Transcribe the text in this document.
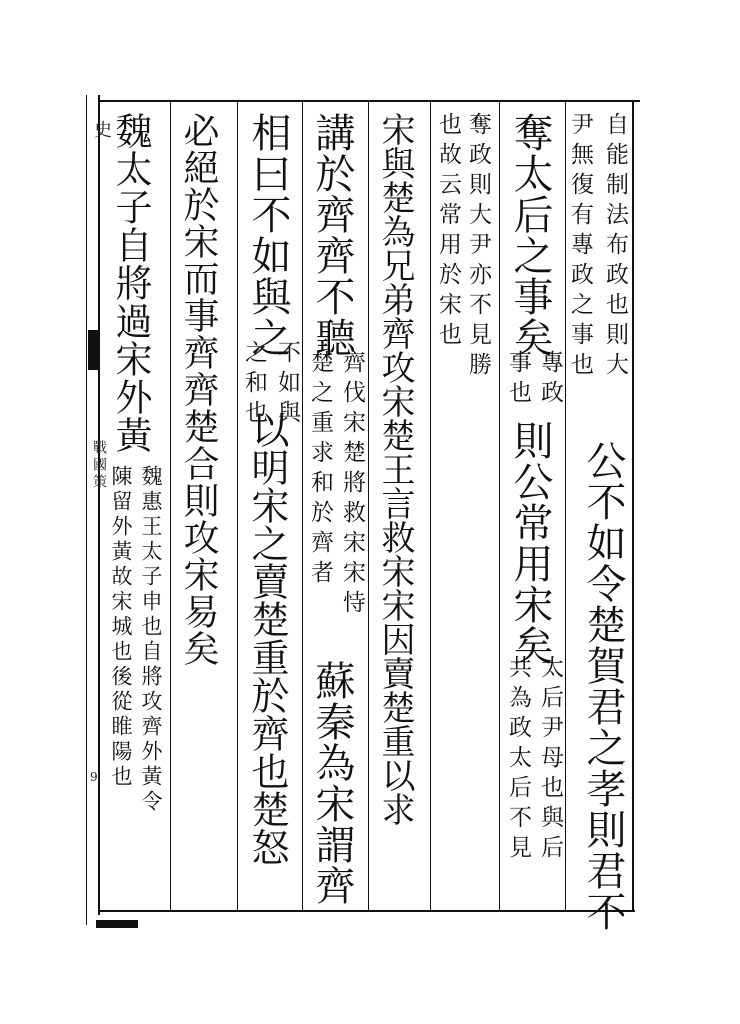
史
戰國策
9
自能制法布政也則大
尹無復有專政之事也
公不如令楚賀君之孝則君不
奪太后之事矣
專政
事也
則公常用宋矣
太后尹母也與后
共為政太后不見
奪政則大尹亦不見勝
也故云常用於宋也
宋與楚為兄弟齊攻宋楚王言救宋宋因賣楚重以求
講於齊齊不聽
齊伐宋楚將救宋宋恃
楚之重求和於齊者
蘇秦為宋謂齊
相曰不如與之
不如與
之和也
以明宋之賣楚重於齊也楚怒
必絕於宋而事齊齊楚合則攻宋易矣
魏太子自將過宋外黃
魏惠王太子申也自將攻齊外黃令
陳留外黃故宋城也後從睢陽也
